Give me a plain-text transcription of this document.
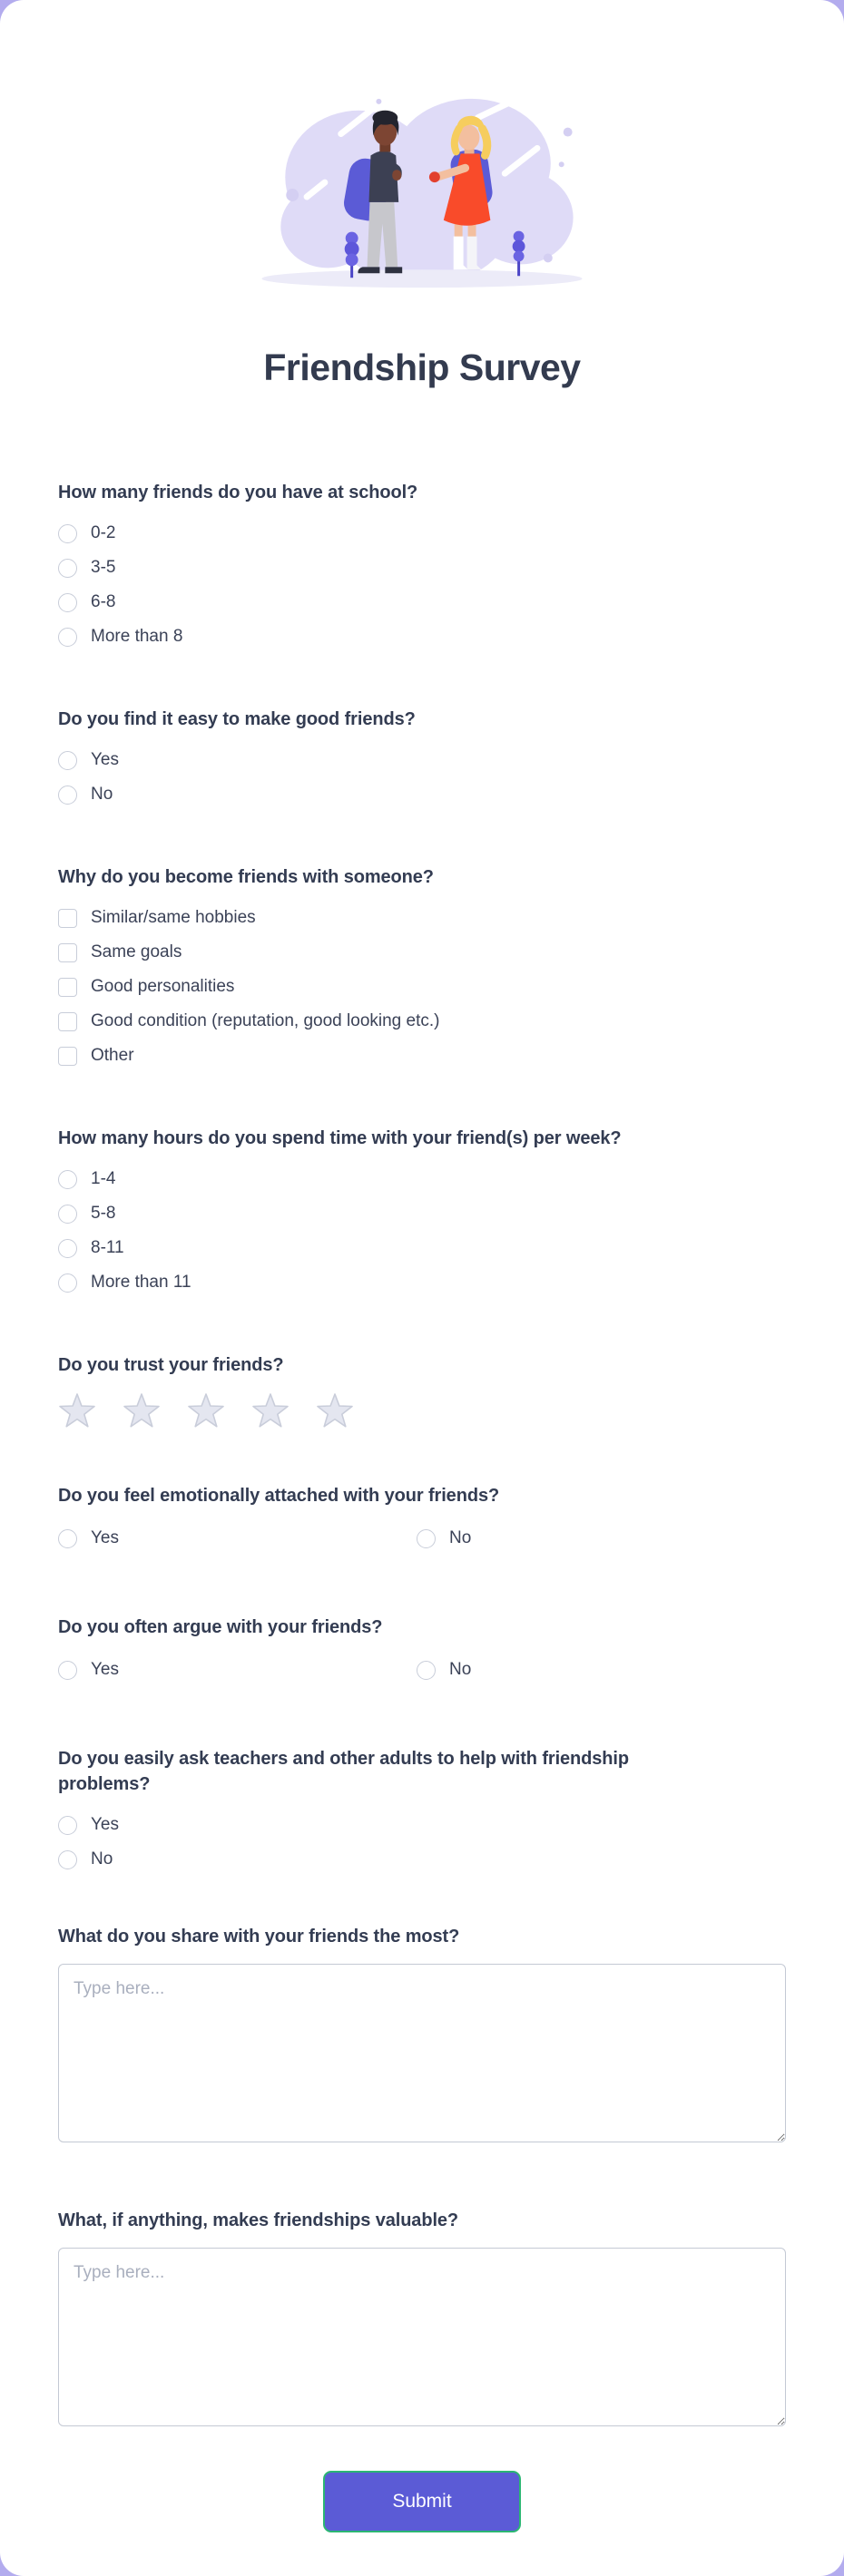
Friendship Survey
How many friends do you have at school?
0-2
3-5
6-8
More than 8
Do you find it easy to make good friends?
Yes
No
Why do you become friends with someone?
Similar/same hobbies
Same goals
Good personalities
Good condition (reputation, good looking etc.)
Other
How many hours do you spend time with your friend(s) per week?
1-4
5-8
8-11
More than 11
Do you trust your friends?
Do you feel emotionally attached with your friends?
Yes	No
Do you often argue with your friends?
Yes	No
Do you easily ask teachers and other adults to help with friendship problems?
Yes
No
What do you share with your friends the most?
Type here...
What, if anything, makes friendships valuable?
Type here...
Submit
